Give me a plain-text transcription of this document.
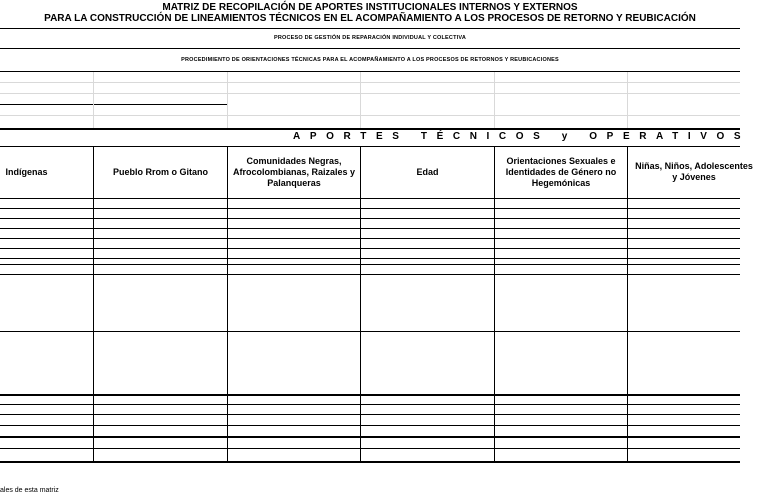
MATRIZ DE RECOPILACIÓN DE APORTES INSTITUCIONALES INTERNOS Y EXTERNOS
PARA LA CONSTRUCCIÓN DE LINEAMIENTOS TÉCNICOS EN EL ACOMPAÑAMIENTO A LOS PROCESOS DE RETORNO Y REUBICACIÓN
PROCESO DE GESTIÓN DE REPARACIÓN INDIVIDUAL Y COLECTIVA
PROCEDIMIENTO DE ORIENTACIONES TÉCNICAS PARA EL ACOMPAÑAMIENTO A LOS PROCESOS DE RETORNOS Y REUBICACIONES
APORTES TÉCNICOS y OPERATIVOS
Indígenas	Pueblo Rrom o Gitano
Comunidades Negras, Afrocolombianas, Raizales y Palanqueras
Edad
Orientaciones Sexuales e Identidades de Género no Hegemónicas
Niñas, Niños, Adolescentes y Jóvenes
ales de esta matriz
